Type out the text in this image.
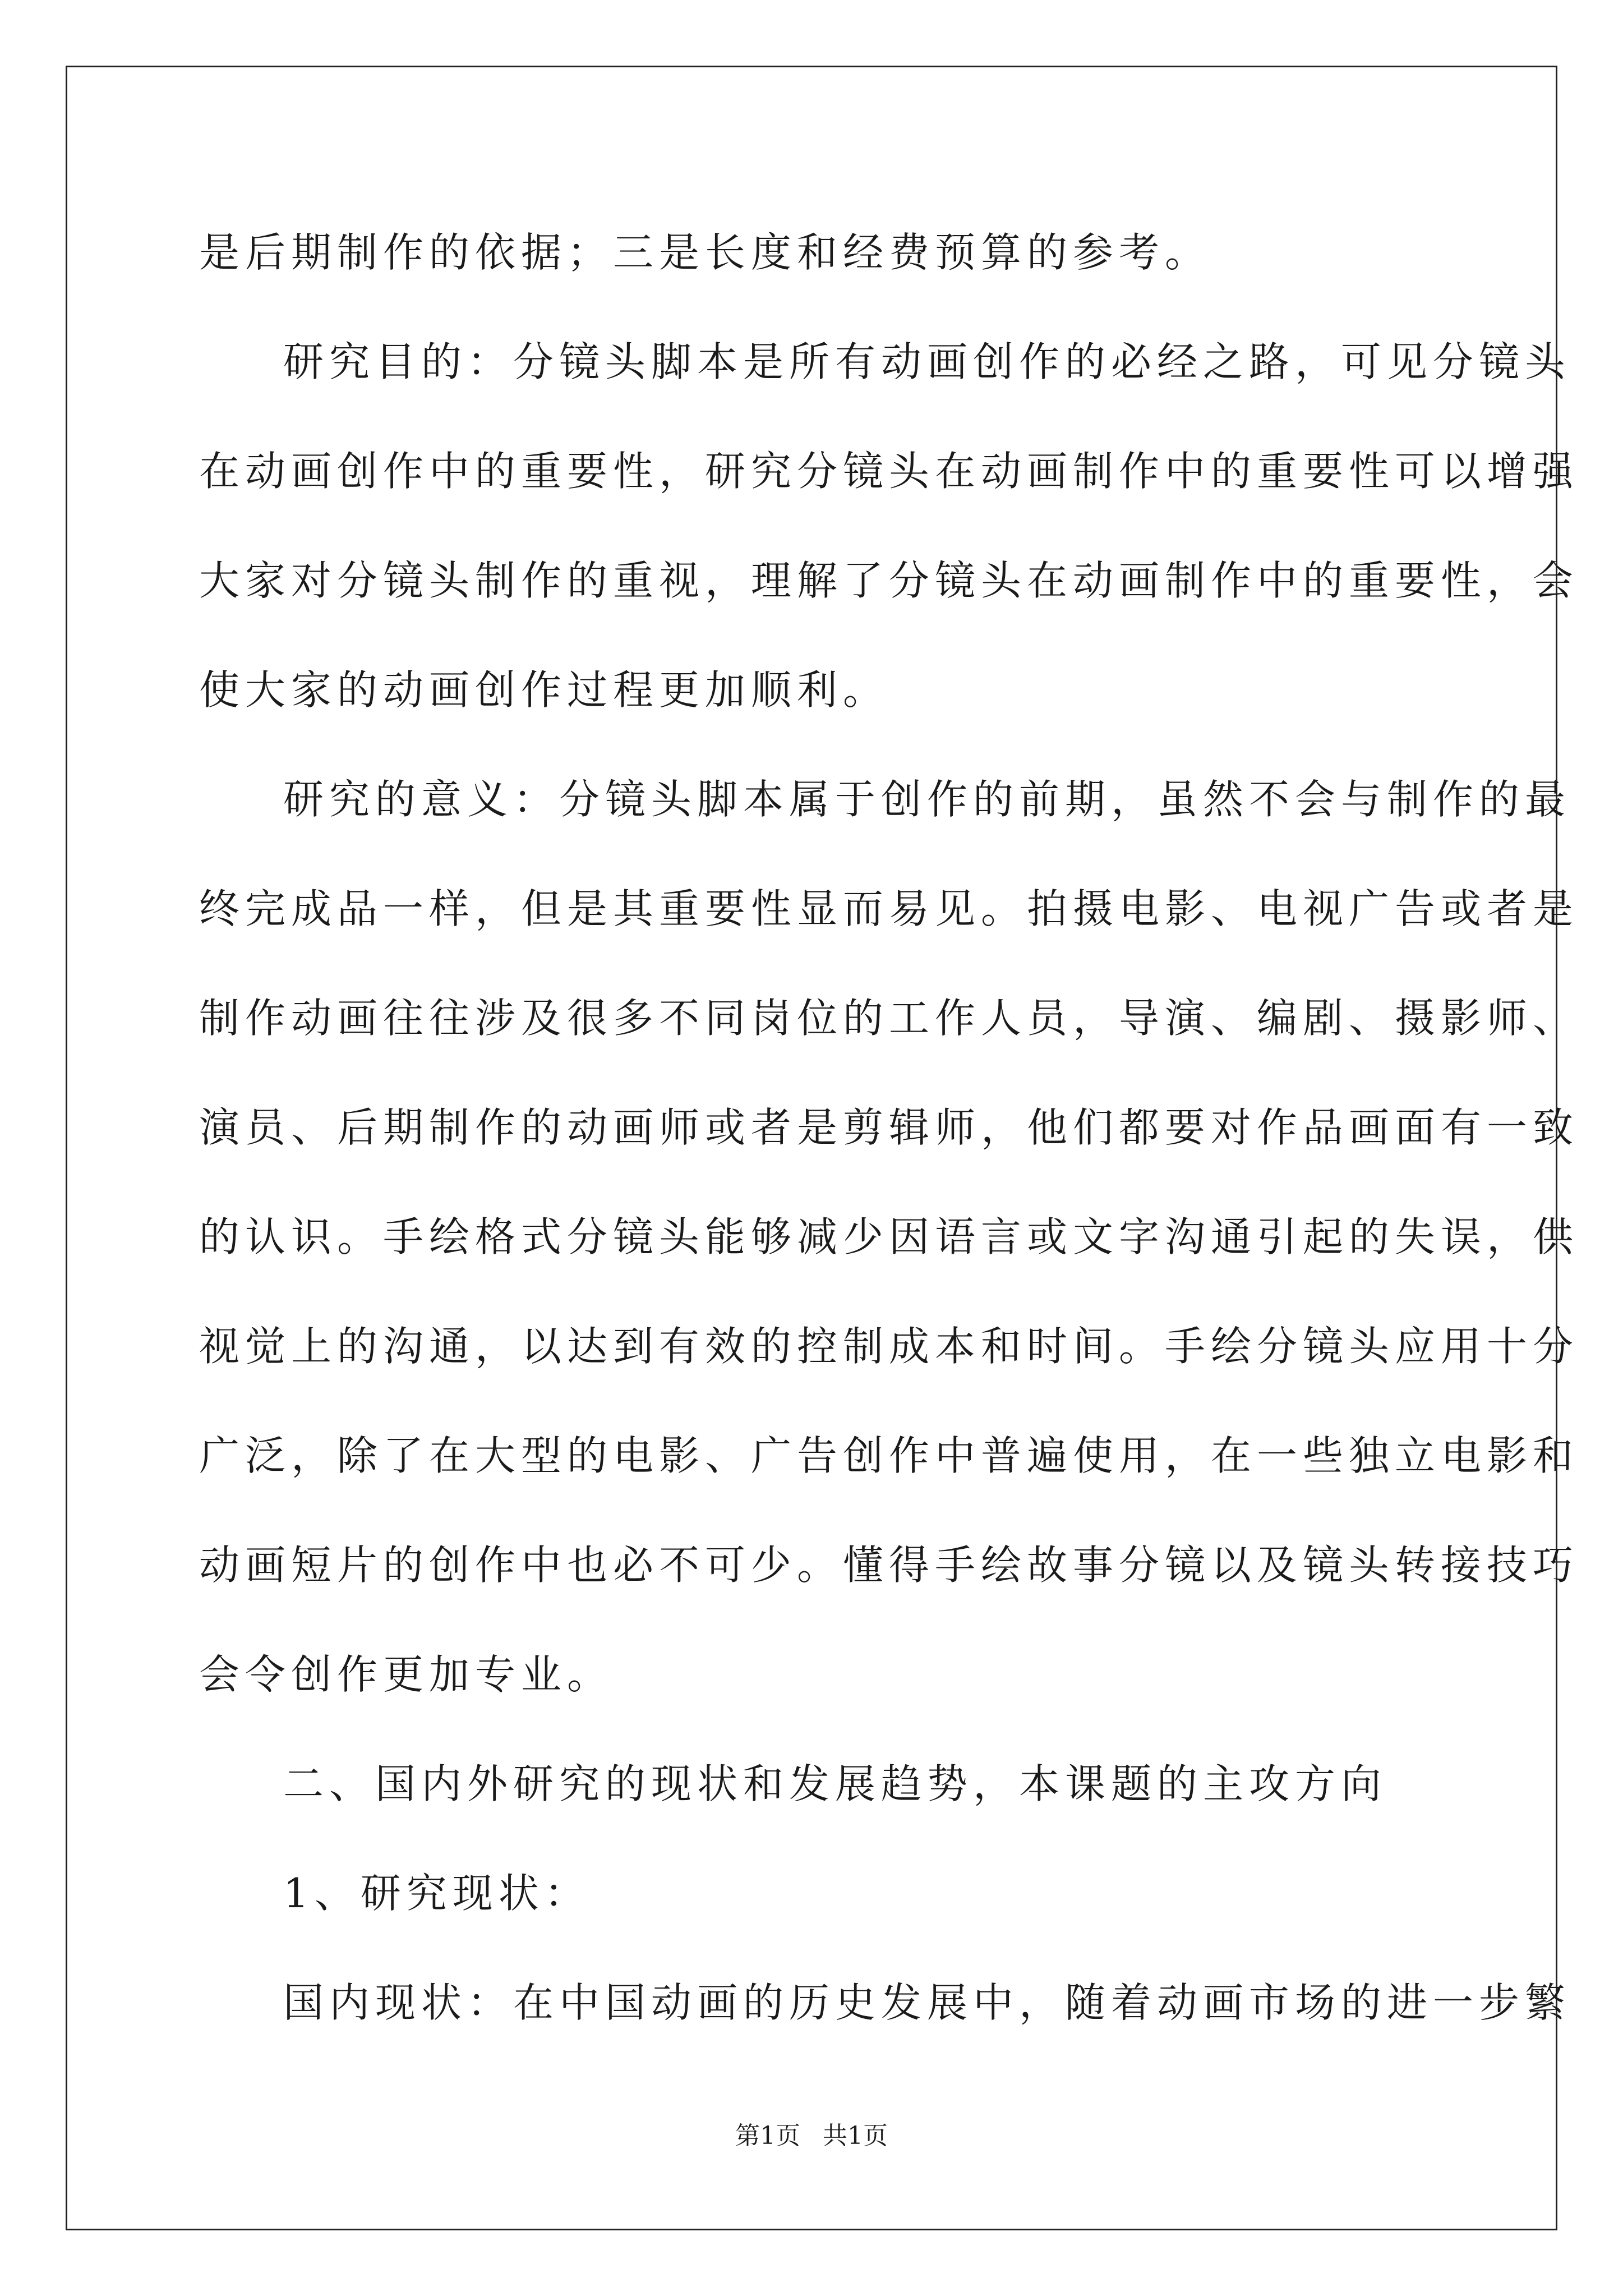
是后期制作的依据；三是长度和经费预算的参考。
研究目的：分镜头脚本是所有动画创作的必经之路，可见分镜头
在动画创作中的重要性，研究分镜头在动画制作中的重要性可以增强
大家对分镜头制作的重视，理解了分镜头在动画制作中的重要性，会
使大家的动画创作过程更加顺利。
研究的意义：分镜头脚本属于创作的前期，虽然不会与制作的最
终完成品一样，但是其重要性显而易见。拍摄电影、电视广告或者是
制作动画往往涉及很多不同岗位的工作人员，导演、编剧、摄影师、
演员、后期制作的动画师或者是剪辑师，他们都要对作品画面有一致
的认识。手绘格式分镜头能够减少因语言或文字沟通引起的失误，供
视觉上的沟通，以达到有效的控制成本和时间。手绘分镜头应用十分
广泛，除了在大型的电影、广告创作中普遍使用，在一些独立电影和
动画短片的创作中也必不可少。懂得手绘故事分镜以及镜头转接技巧
会令创作更加专业。
二、国内外研究的现状和发展趋势，本课题的主攻方向
1、研究现状：
国内现状：在中国动画的历史发展中，随着动画市场的进一步繁
第1页 共1页
